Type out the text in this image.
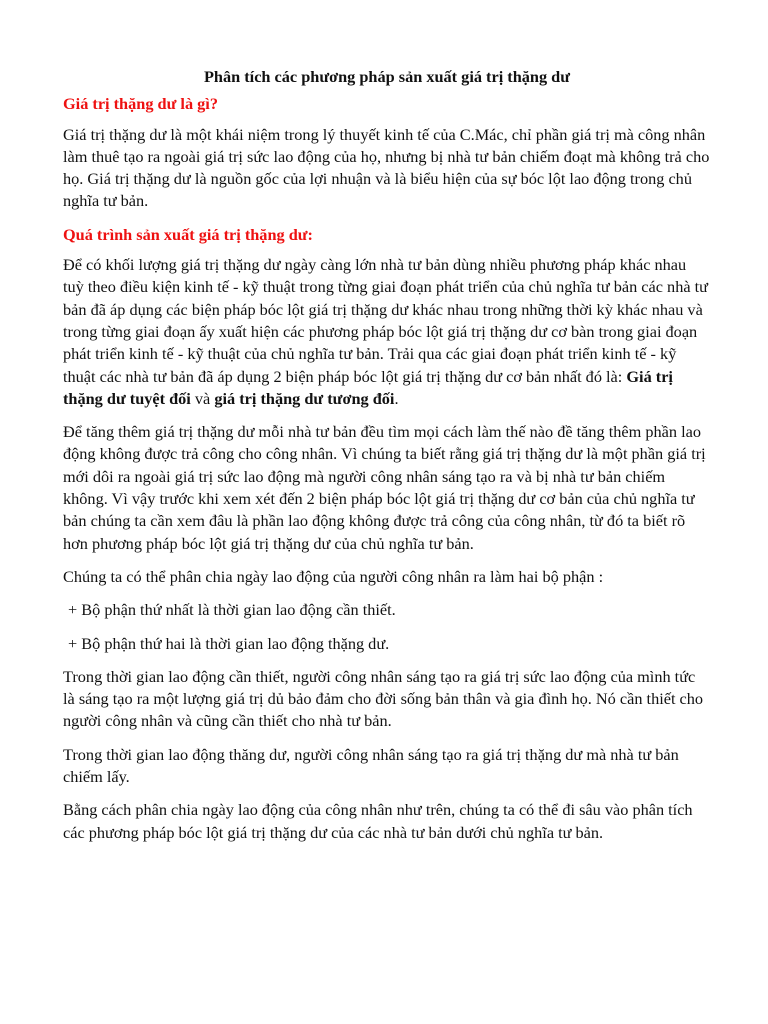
Phân tích các phương pháp sản xuất giá trị thặng dư
Giá trị thặng dư là gì?

Giá trị thặng dư là một khái niệm trong lý thuyết kinh tế của C.Mác, chỉ phần giá trị mà công nhân làm thuê tạo ra ngoài giá trị sức lao động của họ, nhưng bị nhà tư bản chiếm đoạt mà không trả cho họ. Giá trị thặng dư là nguồn gốc của lợi nhuận và là biểu hiện của sự bóc lột lao động trong chủ nghĩa tư bản.

Quá trình sản xuất giá trị thặng dư:

Để có khối lượng giá trị thặng dư ngày càng lớn nhà tư bản dùng nhiều phương pháp khác nhau tuỳ theo điều kiện kinh tế - kỹ thuật trong từng giai đoạn phát triển của chủ nghĩa tư bản các nhà tư bản đã áp dụng các biện pháp bóc lột giá trị thặng dư khác nhau trong những thời kỳ khác nhau và trong từng giai đoạn ấy xuất hiện các phương pháp bóc lột giá trị thặng dư cơ bàn trong giai đoạn phát triển kinh tế - kỹ thuật của chủ nghĩa tư bản. Trải qua các giai đoạn phát triển kinh tế - kỹ thuật các nhà tư bản đã áp dụng 2 biện pháp bóc lột giá trị thặng dư cơ bản nhất đó là: Giá trị thặng dư tuyệt đối và giá trị thặng dư tương đối.

Để tăng thêm giá trị thặng dư mỗi nhà tư bản đều tìm mọi cách làm thế nào đề tăng thêm phần lao động không được trả công cho công nhân. Vì chúng ta biết rằng giá trị thặng dư là một phần giá trị mới dôi ra ngoài giá trị sức lao động mà người công nhân sáng tạo ra và bị nhà tư bản chiếm không. Vì vậy trước khi xem xét đến 2 biện pháp bóc lột giá trị thặng dư cơ bản của chủ nghĩa tư bản chúng ta cần xem đâu là phần lao động không được trả công của công nhân, từ đó ta biết rõ hơn phương pháp bóc lột giá trị thặng dư của chủ nghĩa tư bản.

Chúng ta có thể phân chia ngày lao động của người công nhân ra làm hai bộ phận :

+ Bộ phận thứ nhất là thời gian lao động cần thiết.

+ Bộ phận thứ hai là thời gian lao động thặng dư.

Trong thời gian lao động cần thiết, người công nhân sáng tạo ra giá trị sức lao động của mình tức là sáng tạo ra một lượng giá trị dủ bảo đảm cho đời sống bản thân và gia đình họ. Nó cần thiết cho người công nhân và cũng cần thiết cho nhà tư bản.

Trong thời gian lao động thăng dư, người công nhân sáng tạo ra giá trị thặng dư mà nhà tư bản chiếm lấy.

Bằng cách phân chia ngày lao động của công nhân như trên, chúng ta có thể đi sâu vào phân tích các phương pháp bóc lột giá trị thặng dư của các nhà tư bản dưới chủ nghĩa tư bản.
